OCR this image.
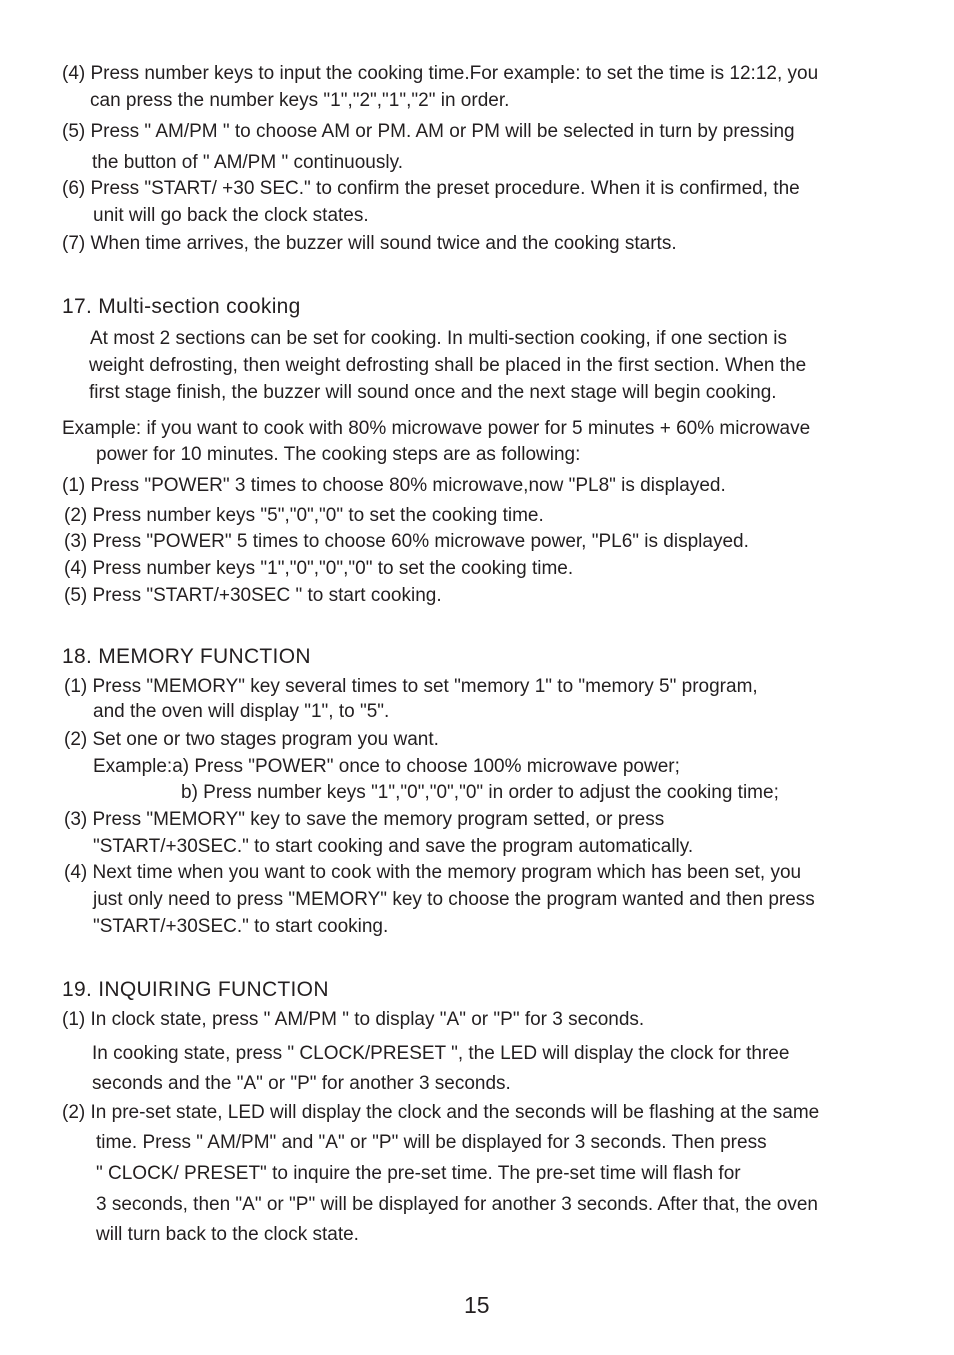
(4) Press number keys to input the cooking time.For example: to set the time is 12:12, you
can press the number keys "1","2","1","2" in order.
(5) Press " AM/PM " to choose AM or PM. AM or PM will be selected in turn by pressing
the button of " AM/PM " continuously.
(6) Press "START/ +30 SEC." to confirm the preset procedure. When it is confirmed, the
unit will go back the clock states.
(7) When time arrives, the buzzer will sound twice and the cooking starts.
17. Multi-section cooking
At most 2 sections can be set for cooking. In multi-section cooking, if one section is
weight defrosting, then weight defrosting shall be placed in the first section. When the
first stage finish, the buzzer will sound once and the next stage will begin cooking.
Example: if you want to cook with 80% microwave power for 5 minutes + 60% microwave
power for 10 minutes. The cooking steps are as following:
(1) Press "POWER" 3 times to choose 80% microwave,now "PL8" is displayed.
(2) Press number keys "5","0","0" to set the cooking time.
(3) Press "POWER" 5 times to choose 60% microwave power, "PL6" is displayed.
(4) Press number keys "1","0","0","0" to set the cooking time.
(5) Press "START/+30SEC " to start cooking.
18. MEMORY FUNCTION
(1) Press "MEMORY" key several times to set "memory 1" to "memory 5" program,
and the oven will display "1", to "5".
(2) Set one or two stages program you want.
Example:a) Press "POWER" once to choose 100% microwave power;
b) Press number keys "1","0","0","0" in order to adjust the cooking time;
(3) Press "MEMORY" key to save the memory program setted, or press
"START/+30SEC." to start cooking and save the program automatically.
(4) Next time when you want to cook with the memory program which has been set, you
just only need to press "MEMORY" key to choose the program wanted and then press
"START/+30SEC." to start cooking.
19. INQUIRING FUNCTION
(1) In clock state, press " AM/PM " to display "A" or "P" for 3 seconds.
In cooking state, press " CLOCK/PRESET ", the LED will display the clock for three
seconds and the "A" or "P" for another 3 seconds.
(2) In pre-set state, LED will display the clock and the seconds will be flashing at the same
time. Press " AM/PM" and "A" or "P" will be displayed for 3 seconds. Then press
" CLOCK/ PRESET" to inquire the pre-set time. The pre-set time will flash for
3 seconds, then "A" or "P" will be displayed for another 3 seconds. After that, the oven
will turn back to the clock state.
15
